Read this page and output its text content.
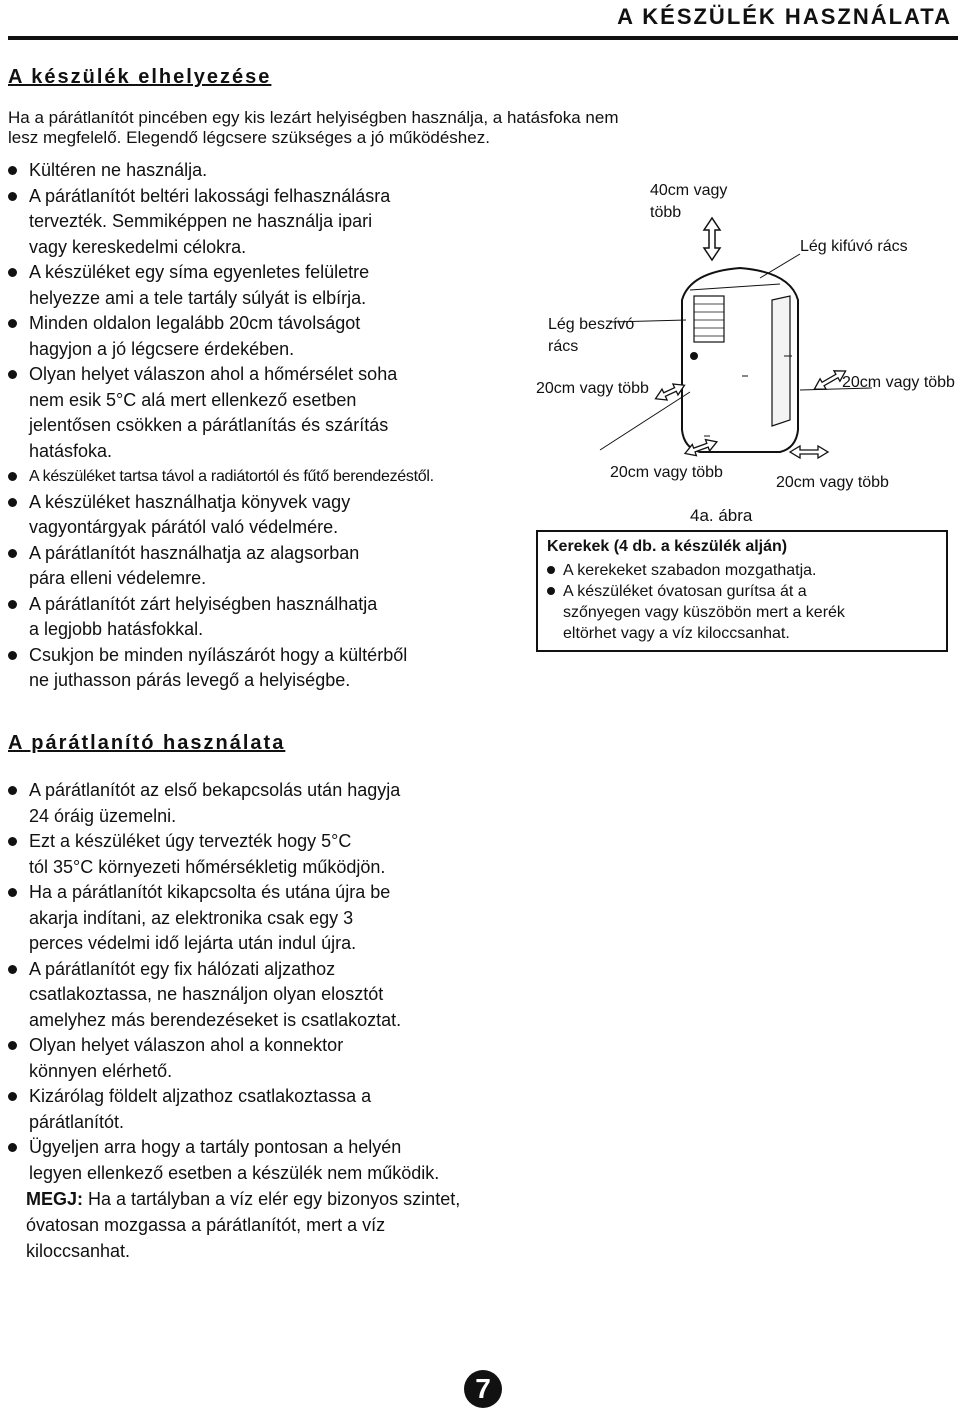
A KÉSZÜLÉK HASZNÁLATA
A készülék elhelyezése
Ha a párátlanítót pincében egy kis lezárt helyiségben használja, a hatásfoka nem lesz megfelelő. Elegendő légcsere szükséges a jó működéshez.
Kültéren ne használja.
A párátlanítót beltéri lakossági felhasználásra
tervezték. Semmiképpen ne használja ipari
vagy kereskedelmi célokra.
A készüléket egy síma egyenletes felületre
helyezze ami a tele tartály súlyát is elbírja.
Minden oldalon legalább 20cm távolságot
hagyjon a jó légcsere érdekében.
Olyan helyet válaszon ahol a hőmérsélet soha
nem esik 5°C alá mert ellenkező esetben
jelentősen csökken a párátlanítás és szárítás
hatásfoka.
A készüléket tartsa távol a radiátortól és fűtő berendezéstől.
A készüléket használhatja könyvek vagy
vagyontárgyak párától való védelmére.
A párátlanítót használhatja az alagsorban
pára elleni védelemre.
A párátlanítót zárt helyiségben használhatja
a legjobb hatásfokkal.
Csukjon be minden nyílászárót hogy a kültérből
ne juthasson párás levegő a helyiségbe.
40cm vagy
több
Lég kifúvó rács
Lég beszívó
rács
20cm vagy több	20cm vagy több
20cm vagy több
20cm vagy több
4a. ábra
Kerekek (4 db. a készülék alján)
A kerekeket szabadon mozgathatja.
A készüléket óvatosan gurítsa át a
szőnyegen vagy küszöbön mert a kerék
eltörhet vagy a víz kiloccsanhat.
A párátlanító használata
A párátlanítót az első bekapcsolás után hagyja
24 óráig üzemelni.
Ezt a készüléket úgy tervezték hogy 5°C
tól 35°C környezeti hőmérsékletig működjön.
Ha a párátlanítót kikapcsolta és utána újra be
akarja indítani, az elektronika csak egy 3
perces védelmi idő lejárta után indul újra.
A párátlanítót egy fix hálózati aljzathoz
csatlakoztassa, ne használjon olyan elosztót
amelyhez más berendezéseket is csatlakoztat.
Olyan helyet válaszon ahol a konnektor
könnyen elérhető.
Kizárólag földelt aljzathoz csatlakoztassa a
párátlanítót.
Ügyeljen arra hogy a tartály pontosan a helyén
legyen ellenkező esetben a készülék nem működik.
MEGJ: Ha a tartályban a víz elér egy bizonyos szintet,
óvatosan mozgassa a párátlanítót, mert a víz
kiloccsanhat.
7
